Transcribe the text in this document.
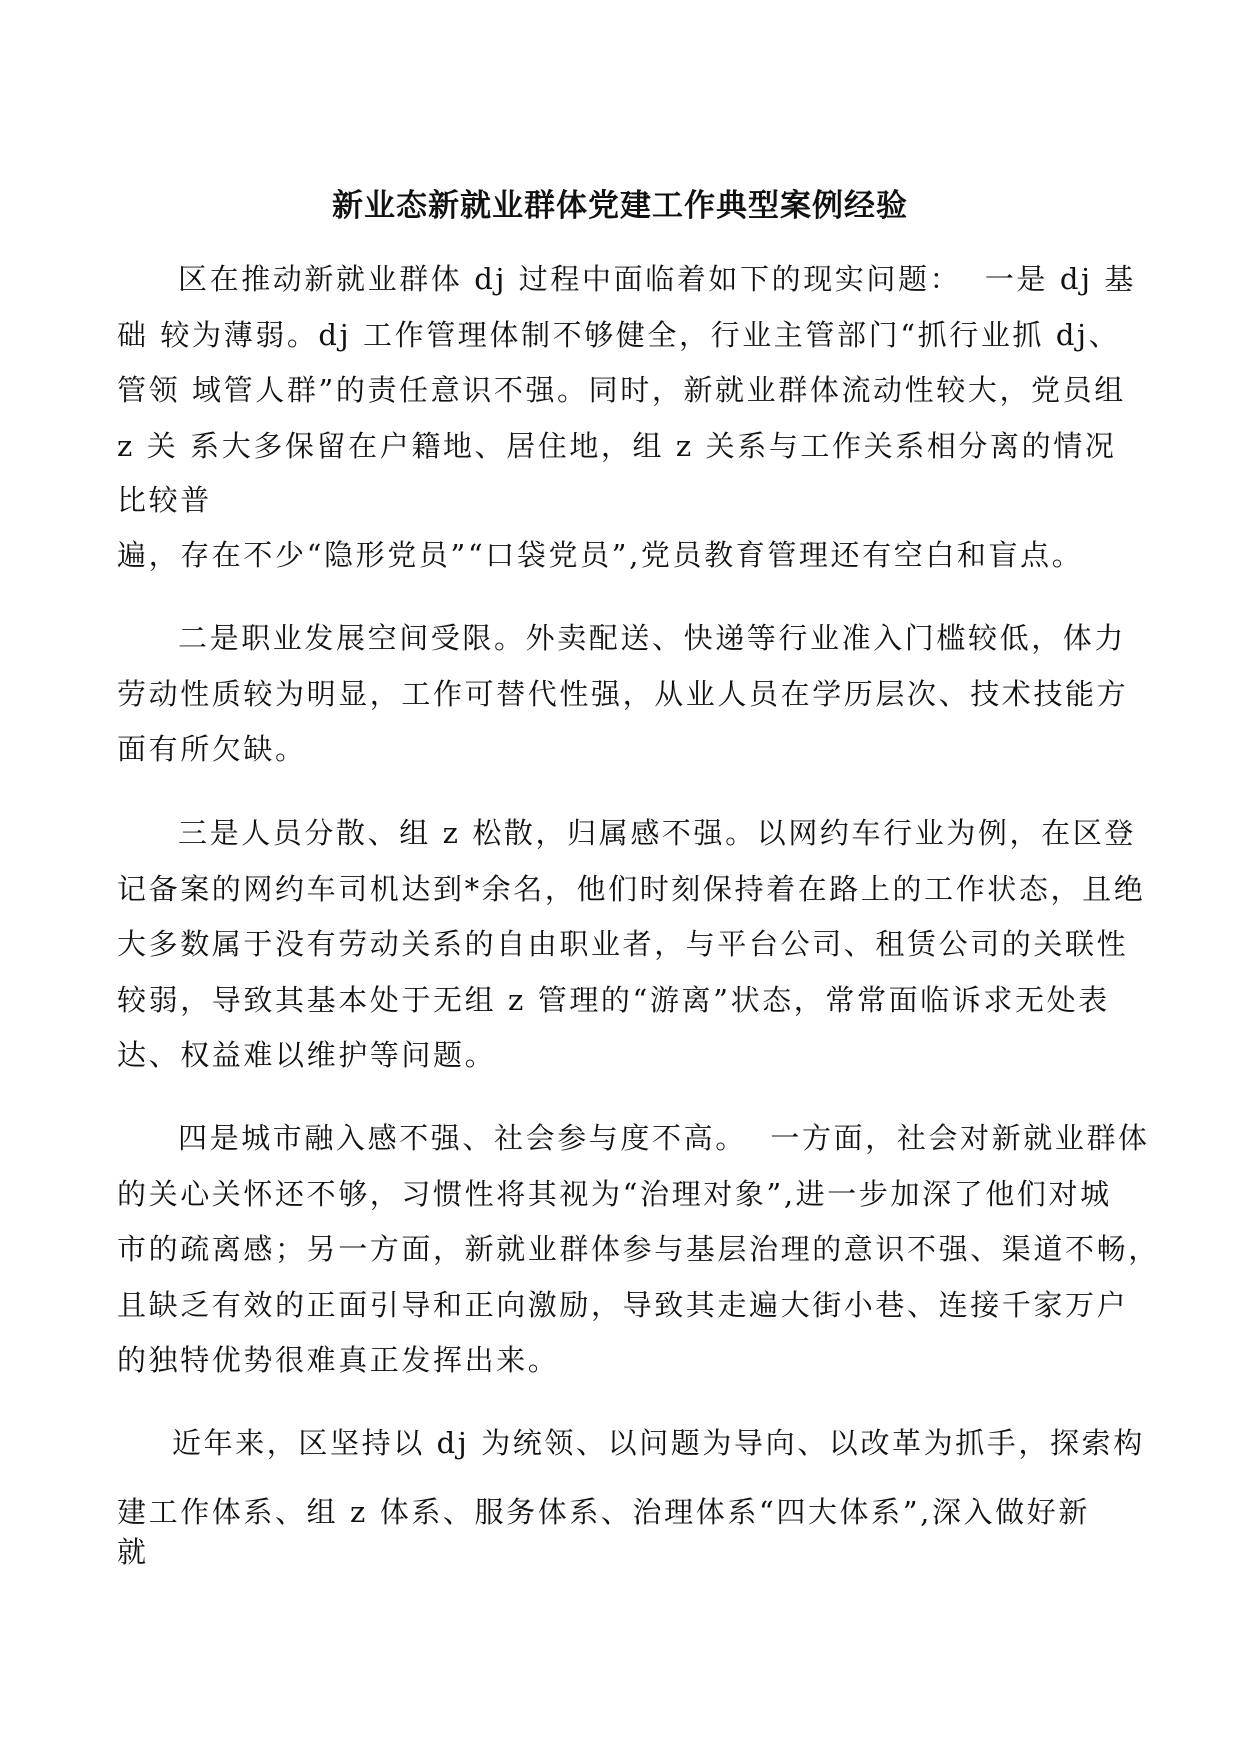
新业态新就业群体党建工作典型案例经验
区在推动新就业群体 dj 过程中面临着如下的现实问题：  一是 dj 基
础 较为薄弱。dj 工作管理体制不够健全，行业主管部门“抓行业抓 dj、
管领 域管人群”的责任意识不强。同时，新就业群体流动性较大，党员组
z 关 系大多保留在户籍地、居住地，组 z 关系与工作关系相分离的情况
比较普
遍，存在不少“隐形党员”“口袋党员”,党员教育管理还有空白和盲点。
二是职业发展空间受限。外卖配送、快递等行业准入门槛较低，体力
劳动性质较为明显，工作可替代性强，从业人员在学历层次、技术技能方
面有所欠缺。
三是人员分散、组 z 松散，归属感不强。以网约车行业为例，在区登
记备案的网约车司机达到*余名，他们时刻保持着在路上的工作状态，且绝
大多数属于没有劳动关系的自由职业者，与平台公司、租赁公司的关联性
较弱，导致其基本处于无组 z 管理的“游离”状态，常常面临诉求无处表
达、权益难以维护等问题。
四是城市融入感不强、社会参与度不高。  一方面，社会对新就业群体
的关心关怀还不够，习惯性将其视为“治理对象”,进一步加深了他们对城
市的疏离感；另一方面，新就业群体参与基层治理的意识不强、渠道不畅，
且缺乏有效的正面引导和正向激励，导致其走遍大街小巷、连接千家万户
的独特优势很难真正发挥出来。
近年来，区坚持以 dj 为统领、以问题为导向、以改革为抓手，探索构
建工作体系、组 z 体系、服务体系、治理体系“四大体系”,深入做好新
就
